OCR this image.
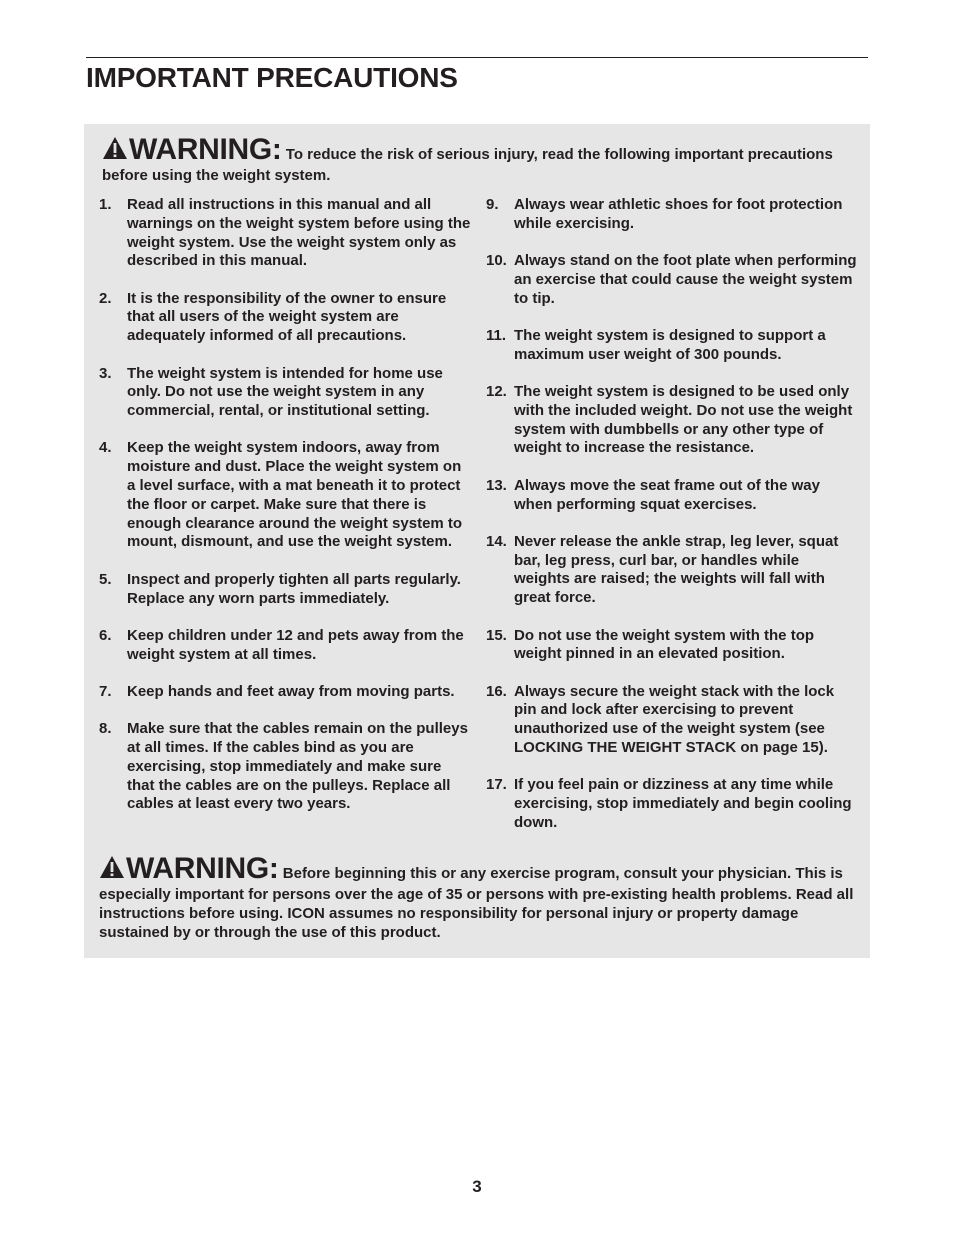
IMPORTANT PRECAUTIONS
WARNING: To reduce the risk of serious injury, read the following important precautions before using the weight system.
1. Read all instructions in this manual and all warnings on the weight system before using the weight system. Use the weight system only as described in this manual.
2. It is the responsibility of the owner to ensure that all users of the weight system are adequately informed of all precautions.
3. The weight system is intended for home use only. Do not use the weight system in any commercial, rental, or institutional setting.
4. Keep the weight system indoors, away from moisture and dust. Place the weight system on a level surface, with a mat beneath it to protect the floor or carpet. Make sure that there is enough clearance around the weight system to mount, dismount, and use the weight system.
5. Inspect and properly tighten all parts regularly. Replace any worn parts immediately.
6. Keep children under 12 and pets away from the weight system at all times.
7. Keep hands and feet away from moving parts.
8. Make sure that the cables remain on the pulleys at all times. If the cables bind as you are exercising, stop immediately and make sure that the cables are on the pulleys. Replace all cables at least every two years.
9. Always wear athletic shoes for foot protection while exercising.
10. Always stand on the foot plate when performing an exercise that could cause the weight system to tip.
11. The weight system is designed to support a maximum user weight of 300 pounds.
12. The weight system is designed to be used only with the included weight. Do not use the weight system with dumbbells or any other type of weight to increase the resistance.
13. Always move the seat frame out of the way when performing squat exercises.
14. Never release the ankle strap, leg lever, squat bar, leg press, curl bar, or handles while weights are raised; the weights will fall with great force.
15. Do not use the weight system with the top weight pinned in an elevated position.
16. Always secure the weight stack with the lock pin and lock after exercising to prevent unauthorized use of the weight system (see LOCKING THE WEIGHT STACK on page 15).
17. If you feel pain or dizziness at any time while exercising, stop immediately and begin cooling down.
WARNING: Before beginning this or any exercise program, consult your physician. This is especially important for persons over the age of 35 or persons with pre-existing health problems. Read all instructions before using. ICON assumes no responsibility for personal injury or property damage sustained by or through the use of this product.
3
